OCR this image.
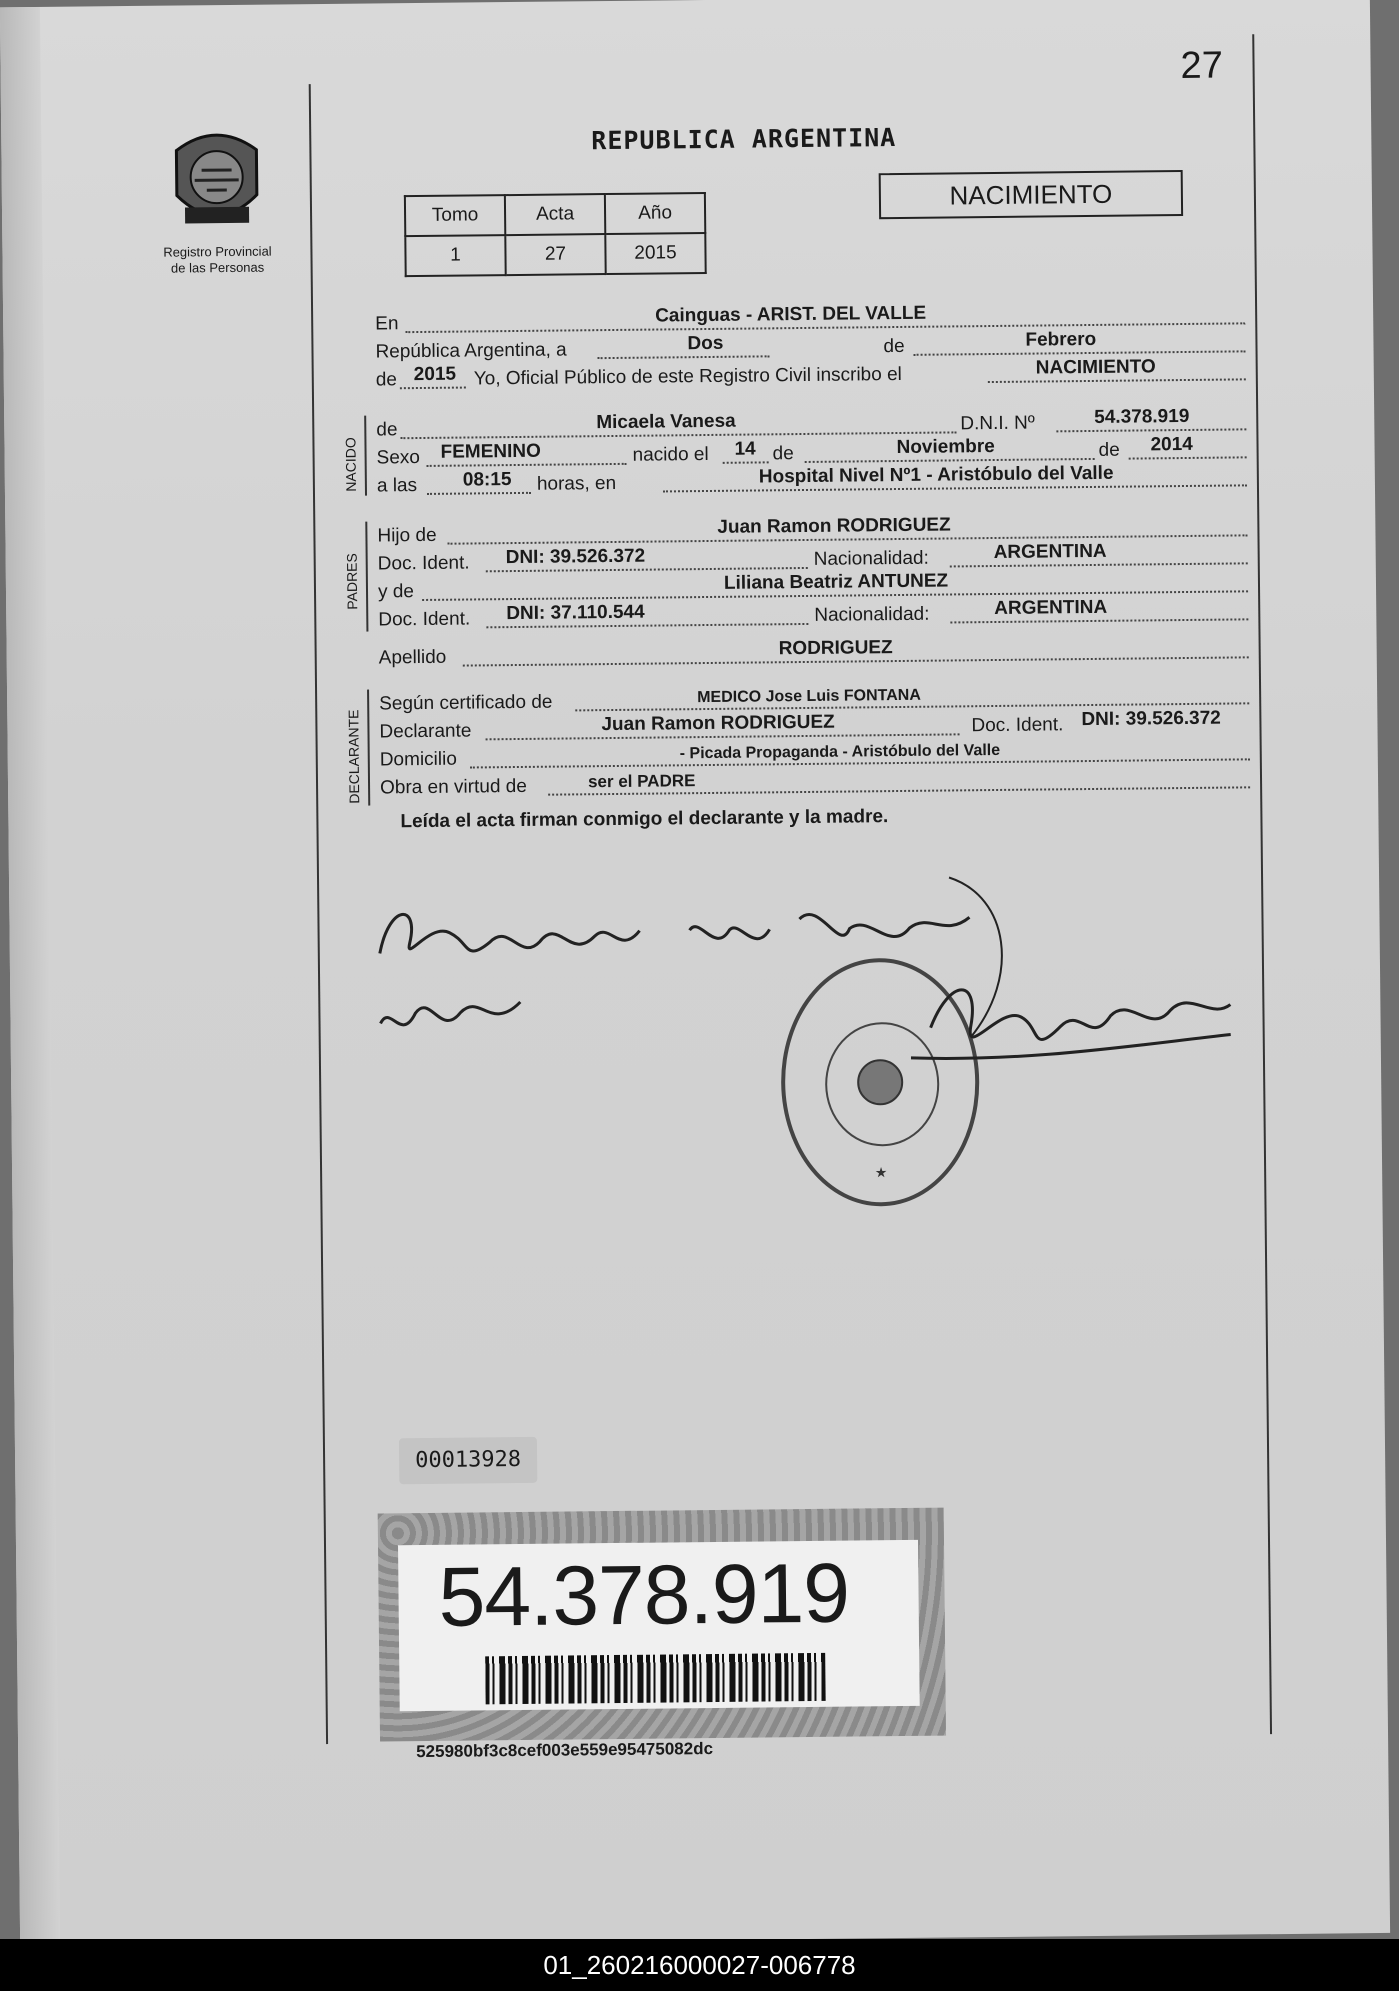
27
Registro Provincial
de las Personas
REPUBLICA ARGENTINA
Tomo	Acta	Año
1	27	2015
NACIMIENTO
En	Cainguas - ARIST. DEL VALLE
República Argentina, a	Dos	de	Febrero
de 2015 Yo, Oficial Público de este Registro Civil inscribo el	NACIMIENTO
NACIDO
de	Micaela Vanesa	D.N.I. Nº	54.378.919
Sexo FEMENINO	nacido el 14 de	Noviembre	de 2014
a las 08:15 horas, en	Hospital Nivel Nº1 - Aristóbulo del Valle
PADRES
Hijo de	Juan Ramon RODRIGUEZ
Doc. Ident. DNI: 39.526.372	Nacionalidad:	ARGENTINA
y de	Liliana Beatriz ANTUNEZ
Doc. Ident. DNI: 37.110.544	Nacionalidad:	ARGENTINA
Apellido	RODRIGUEZ
DECLARANTE
Según certificado de	MEDICO Jose Luis FONTANA
Declarante	Juan Ramon RODRIGUEZ	Doc. Ident. DNI: 39.526.372
Domicilio	- Picada Propaganda - Aristóbulo del Valle
Obra en virtud de	ser el PADRE
Leída el acta firman conmigo el declarante y la madre.
★
00013928
54.378.919
525980bf3c8cef003e559e95475082dc
01_260216000027-006778
